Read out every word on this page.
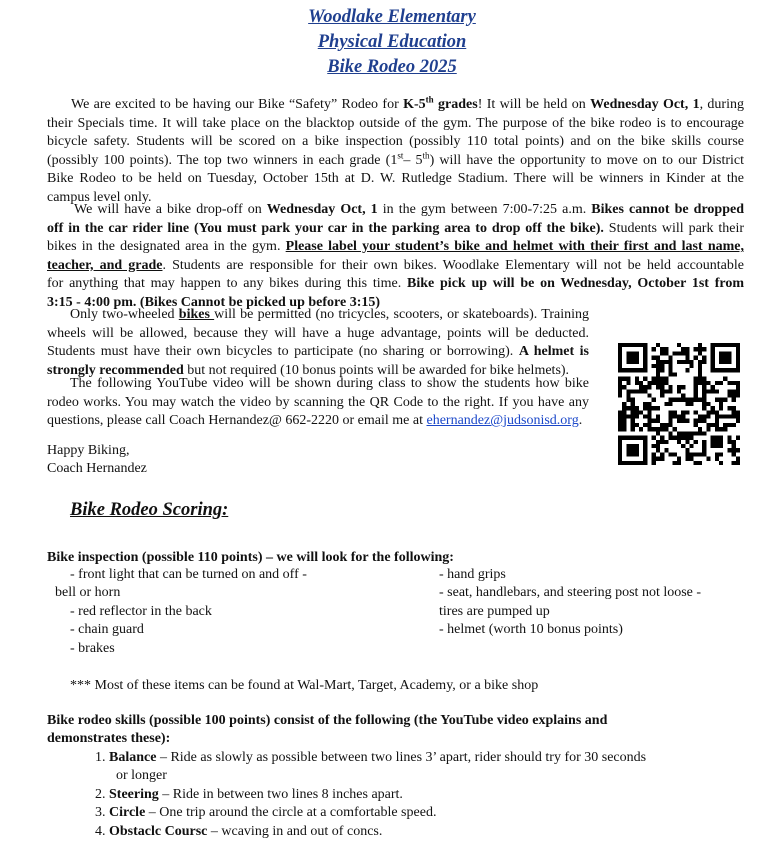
Woodlake Elementary
Physical Education
Bike Rodeo 2025
We are excited to be having our Bike “Safety” Rodeo for K-5th grades! It will be held on Wednesday Oct, 1, during
their Specials time. It will take place on the blacktop outside of the gym. The purpose of the bike rodeo is to encourage
bicycle safety. Students will be scored on a bike inspection (possibly 110 total points) and on the bike skills course
(possibly 100 points). The top two winners in each grade (1st– 5th) will have the opportunity to move on to our District
Bike Rodeo to be held on Tuesday, October 15th at D. W. Rutledge Stadium. There will be winners in Kinder at the
campus level only.
We will have a bike drop-off on Wednesday Oct, 1 in the gym between 7:00-7:25 a.m. Bikes cannot be dropped
off in the car rider line (You must park your car in the parking area to drop off the bike). Students will park their
bikes in the designated area in the gym. Please label your student’s bike and helmet with their first and last name,
teacher, and grade. Students are responsible for their own bikes. Woodlake Elementary will not be held accountable
for anything that may happen to any bikes during this time. Bike pick up will be on Wednesday, October 1st from
3:15 - 4:00 pm. (Bikes Cannot be picked up before 3:15)
Only two-wheeled bikes will be permitted (no tricycles, scooters, or skateboards). Training
wheels will be allowed, because they will have a huge advantage, points will be deducted.
Students must have their own bicycles to participate (no sharing or borrowing). A helmet is
strongly recommended but not required (10 bonus points will be awarded for bike helmets).
The following YouTube video will be shown during class to show the students how bike
rodeo works. You may watch the video by scanning the QR Code to the right. If you have any
questions, please call Coach Hernandez@ 662-2220 or email me at ehernandez@judsonisd.org.
Happy Biking,
Coach Hernandez
Bike Rodeo Scoring:
Bike inspection (possible 110 points) – we will look for the following:
- front light that can be turned on and off -
bell or horn
- red reflector in the back
- chain guard
- brakes
- hand grips
- seat, handlebars, and steering post not loose -
tires are pumped up
- helmet (worth 10 bonus points)
*** Most of these items can be found at Wal-Mart, Target, Academy, or a bike shop
Bike rodeo skills (possible 100 points) consist of the following (the YouTube video explains and
demonstrates these):
1. Balance – Ride as slowly as possible between two lines 3’ apart, rider should try for 30 seconds
or longer
2. Steering – Ride in between two lines 8 inches apart.
3. Circle – One trip around the circle at a comfortable speed.
4. Obstaclc Coursc – wcaving in and out of concs.
